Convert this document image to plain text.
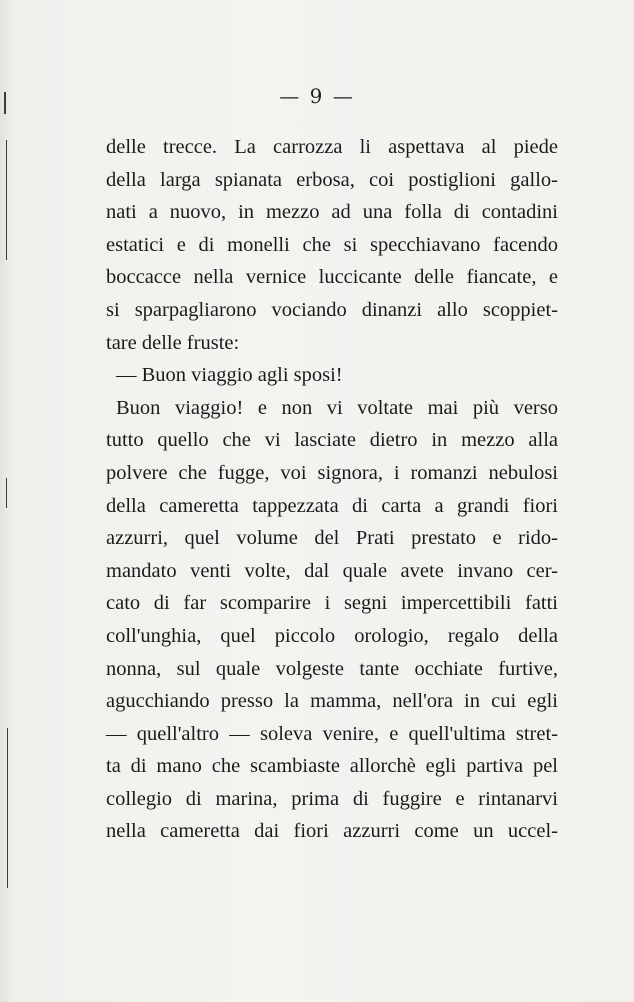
— 9 —
delle trecce. La carrozza li aspettava al piede
della larga spianata erbosa, coi postiglioni gallo-
nati a nuovo, in mezzo ad una folla di contadini
estatici e di monelli che si specchiavano facendo
boccacce nella vernice luccicante delle fiancate, e
si sparpagliarono vociando dinanzi allo scoppiet-
tare delle fruste:
— Buon viaggio agli sposi!
Buon viaggio! e non vi voltate mai più verso
tutto quello che vi lasciate dietro in mezzo alla
polvere che fugge, voi signora, i romanzi nebulosi
della cameretta tappezzata di carta a grandi fiori
azzurri, quel volume del Prati prestato e rido-
mandato venti volte, dal quale avete invano cer-
cato di far scomparire i segni impercettibili fatti
coll'unghia, quel piccolo orologio, regalo della
nonna, sul quale volgeste tante occhiate furtive,
agucchiando presso la mamma, nell'ora in cui egli
— quell'altro — soleva venire, e quell'ultima stret-
ta di mano che scambiaste allorchè egli partiva pel
collegio di marina, prima di fuggire e rintanarvi
nella cameretta dai fiori azzurri come un uccel-
